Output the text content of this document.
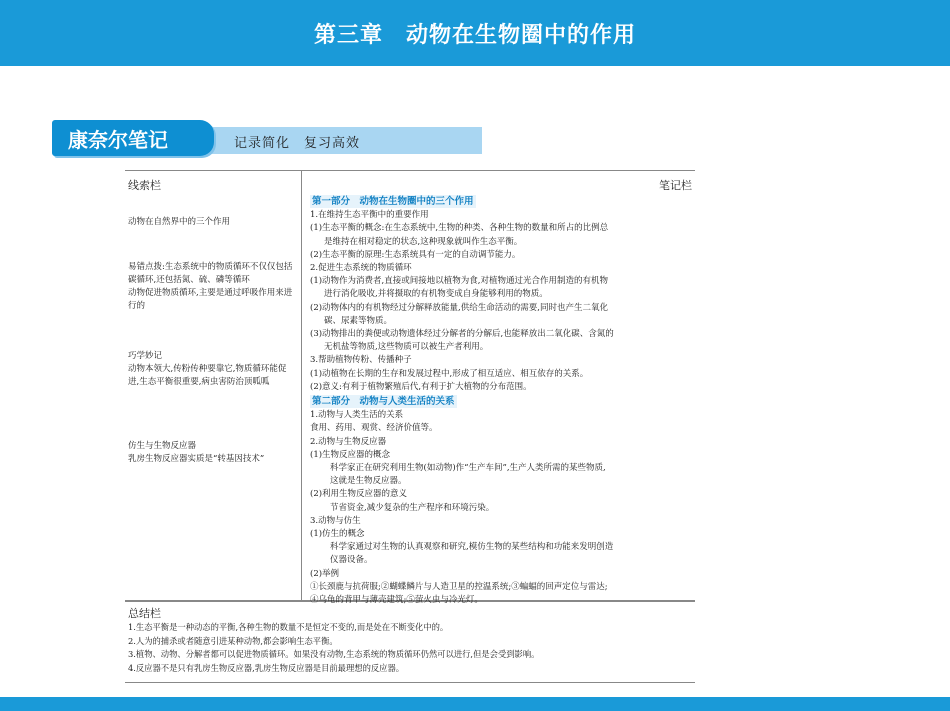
第三章　动物在生物圈中的作用
康奈尔笔记	记录简化　复习高效
线索栏	笔记栏
动物在自然界中的三个作用
易错点拨:生态系统中的物质循环不仅仅包括碳循环,还包括氮、硫、磷等循环
动物促进物质循环,主要是通过呼吸作用来进行的
巧学妙记
动物本领大,传粉传种要靠它,物质循环能促进,生态平衡很重要,病虫害防治顶呱呱
仿生与生物反应器
乳房生物反应器实质是“转基因技术”
第一部分　动物在生物圈中的三个作用
1.在维持生态平衡中的重要作用
(1)生态平衡的概念:在生态系统中,生物的种类、各种生物的数量和所占的比例总
是维持在相对稳定的状态,这种现象就叫作生态平衡。
(2)生态平衡的原理:生态系统具有一定的自动调节能力。
2.促进生态系统的物质循环
(1)动物作为消费者,直接或间接地以植物为食,对植物通过光合作用制造的有机物
进行消化吸收,并将摄取的有机物变成自身能够利用的物质。
(2)动物体内的有机物经过分解释放能量,供给生命活动的需要,同时也产生二氧化
碳、尿素等物质。
(3)动物排出的粪便或动物遗体经过分解者的分解后,也能释放出二氧化碳、含氮的
无机盐等物质,这些物质可以被生产者利用。
3.帮助植物传粉、传播种子
(1)动植物在长期的生存和发展过程中,形成了相互适应、相互依存的关系。
(2)意义:有利于植物繁殖后代,有利于扩大植物的分布范围。
第二部分　动物与人类生活的关系
1.动物与人类生活的关系
食用、药用、观赏、经济价值等。
2.动物与生物反应器
(1)生物反应器的概念
科学家正在研究利用生物(如动物)作“生产车间”,生产人类所需的某些物质,
这就是生物反应器。
(2)利用生物反应器的意义
节省资金,减少复杂的生产程序和环境污染。
3.动物与仿生
(1)仿生的概念
科学家通过对生物的认真观察和研究,模仿生物的某些结构和功能来发明创造
仪器设备。
(2)举例
①长颈鹿与抗荷服;②蝴蝶鳞片与人造卫星的控温系统;③蝙蝠的回声定位与雷达;
④乌龟的背甲与薄壳建筑;⑤萤火虫与冷光灯。
总结栏
1.生态平衡是一种动态的平衡,各种生物的数量不是恒定不变的,而是处在不断变化中的。
2.人为的捕杀或者随意引进某种动物,都会影响生态平衡。
3.植物、动物、分解者都可以促进物质循环。如果没有动物,生态系统的物质循环仍然可以进行,但是会受到影响。
4.反应器不是只有乳房生物反应器,乳房生物反应器是目前最理想的反应器。
